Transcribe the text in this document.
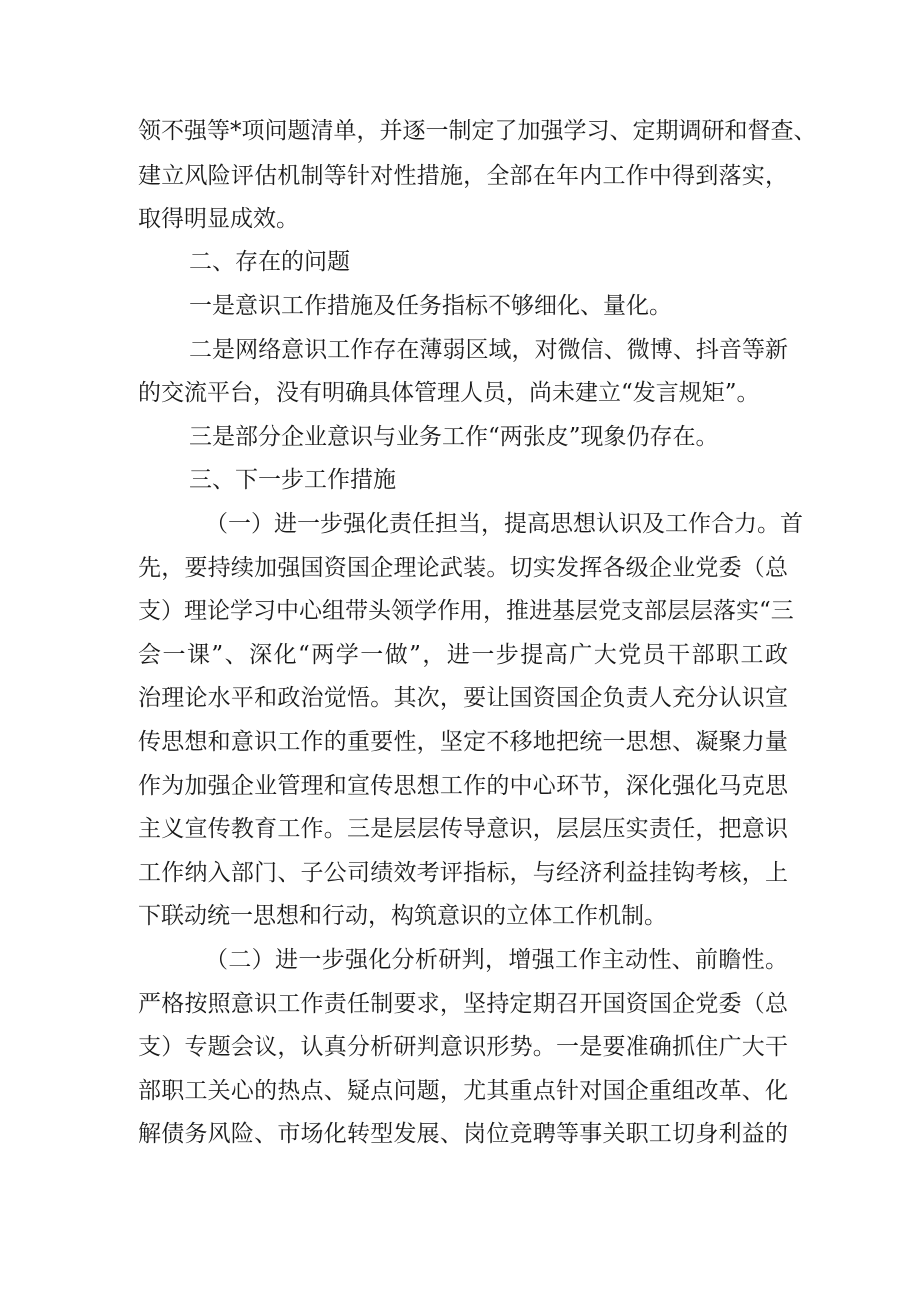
领不强等*项问题清单，并逐一制定了加强学习、定期调研和督查、
建立风险评估机制等针对性措施，全部在年内工作中得到落实，
取得明显成效。
二、存在的问题
一是意识工作措施及任务指标不够细化、量化。
二是网络意识工作存在薄弱区域，对微信、微博、抖音等新
的交流平台，没有明确具体管理人员，尚未建立“发言规矩”。
三是部分企业意识与业务工作“两张皮”现象仍存在。
三、下一步工作措施
（一）进一步强化责任担当，提高思想认识及工作合力。首
先，要持续加强国资国企理论武装。切实发挥各级企业党委（总
支）理论学习中心组带头领学作用，推进基层党支部层层落实“三
会一课”、深化“两学一做”，进一步提高广大党员干部职工政
治理论水平和政治觉悟。其次，要让国资国企负责人充分认识宣
传思想和意识工作的重要性，坚定不移地把统一思想、凝聚力量
作为加强企业管理和宣传思想工作的中心环节，深化强化马克思
主义宣传教育工作。三是层层传导意识，层层压实责任，把意识
工作纳入部门、子公司绩效考评指标，与经济利益挂钩考核，上
下联动统一思想和行动，构筑意识的立体工作机制。
（二）进一步强化分析研判，增强工作主动性、前瞻性。
严格按照意识工作责任制要求，坚持定期召开国资国企党委（总
支）专题会议，认真分析研判意识形势。一是要准确抓住广大干
部职工关心的热点、疑点问题，尤其重点针对国企重组改革、化
解债务风险、市场化转型发展、岗位竞聘等事关职工切身利益的
